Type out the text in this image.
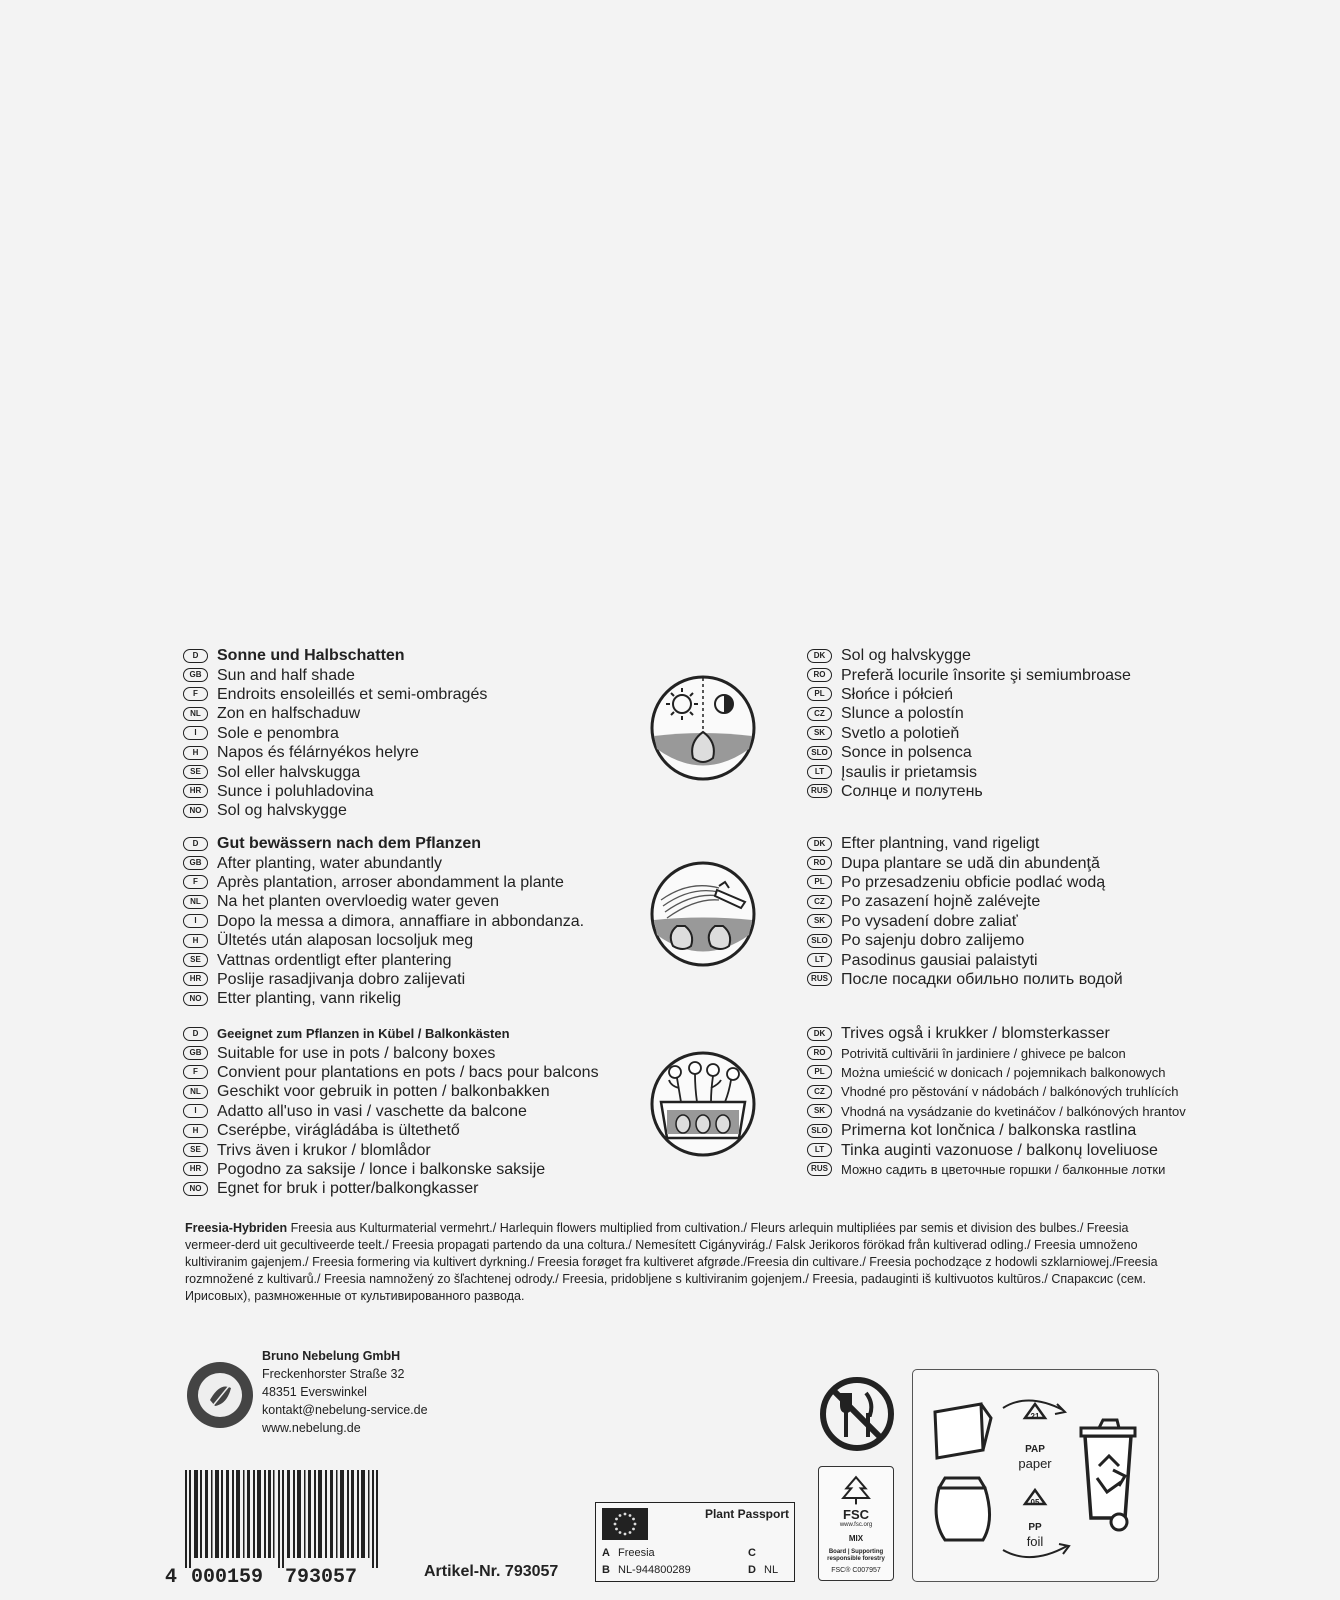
D	Sonne und Halbschatten
GB Sun and half shade
F	Endroits ensoleillés et semi-ombragés
NL	Zon en halfschaduw
I	Sole e penombra
H	Napos és félárnyékos helyre
SE	Sol eller halvskugga
HR Sunce i poluhladovina
NO Sol og halvskygge
DK Sol og halvskygge
RO Preferă locurile însorite şi semiumbroase
PL	Słońce i półcień
CZ	Slunce a polostín
SK Svetlo a polotieň
SLO Sonce in polsenca
LT	Įsaulis ir prietamsis
RUS Солнце и полутень
D	Gut bewässern nach dem Pflanzen
GB After planting, water abundantly
F	Après plantation, arroser abondamment la plante
NL	Na het planten overvloedig water geven
I	Dopo la messa a dimora, annaffiare in abbondanza.
H	Ültetés után alaposan locsoljuk meg
SE	Vattnas ordentligt efter plantering
HR Poslije rasadjivanja dobro zalijevati
NO Etter planting, vann rikelig
DK Efter plantning, vand rigeligt
RO Dupa plantare se udă din abundenţă
PL	Po przesadzeniu obficie podlać wodą
CZ	Po zasazení hojně zalévejte
SK Po vysadení dobre zaliať
SLO Po sajenju dobro zalijemo
LT	Pasodinus gausiai palaistyti
RUS После посадки обильно полить водой
D	Geeignet zum Pflanzen in Kübel / Balkonkästen
GB Suitable for use in pots / balcony boxes
F	Convient pour plantations en pots / bacs pour balcons
NL	Geschikt voor gebruik in potten / balkonbakken
I	Adatto all'uso in vasi / vaschette da balcone
H	Cserépbe, virágládába is ültethető
SE	Trivs även i krukor / blomlådor
HR Pogodno za saksije / lonce i balkonske saksije
NO Egnet for bruk i potter/balkongkasser
DK Trives også i krukker / blomsterkasser
RO	Potrivită cultivării în jardiniere / ghivece pe balcon
PL	Można umieścić w donicach / pojemnikach balkonowych
CZ	Vhodné pro pěstování v nádobách / balkónových truhlících
SK	Vhodná na vysádzanie do kvetináčov / balkónových hrantov
SLO Primerna kot lončnica / balkonska rastlina
LT	Tinka auginti vazonuose / balkonų loveliuose
RUS	Можно садить в цветочные горшки / балконные лотки
Freesia-Hybriden Freesia aus Kulturmaterial vermehrt./ Harlequin flowers multiplied from cultivation./ Fleurs arlequin multipliées par semis et division des bulbes./ Freesia vermeer-derd uit gecultiveerde teelt./ Freesia propagati partendo da una coltura./ Nemesített Cigányvirág./ Falsk Jerikoros förökad från kultiverad odling./ Freesia umnoženo kultiviranim gajenjem./ Freesia formering via kultivert dyrkning./ Freesia forøget fra kultiveret afgrøde./Freesia din cultivare./ Freesia pochodzące z hodowli szklarniowej./Freesia rozmnožené z kultivarů./ Freesia namnožený zo šľachtenej odrody./ Freesia, pridobljene s kultiviranim gojenjem./ Freesia, padauginti iš kultivuotos kultūros./ Спараксис (сем. Ирисовых), размноженные от культивированного развода.
Bruno Nebelung GmbH
Freckenhorster Straße 32
48351 Everswinkel
kontakt@nebelung-service.de
www.nebelung.de
4 000159 793057	Artikel-Nr. 793057
Plant Passport
A Freesia
B NL-944800289
C
D NL
FSC
www.fsc.org
MIX
Board | Supporting responsible forestry
FSC® C007957
21
PAP
paper
05
PP
foil
